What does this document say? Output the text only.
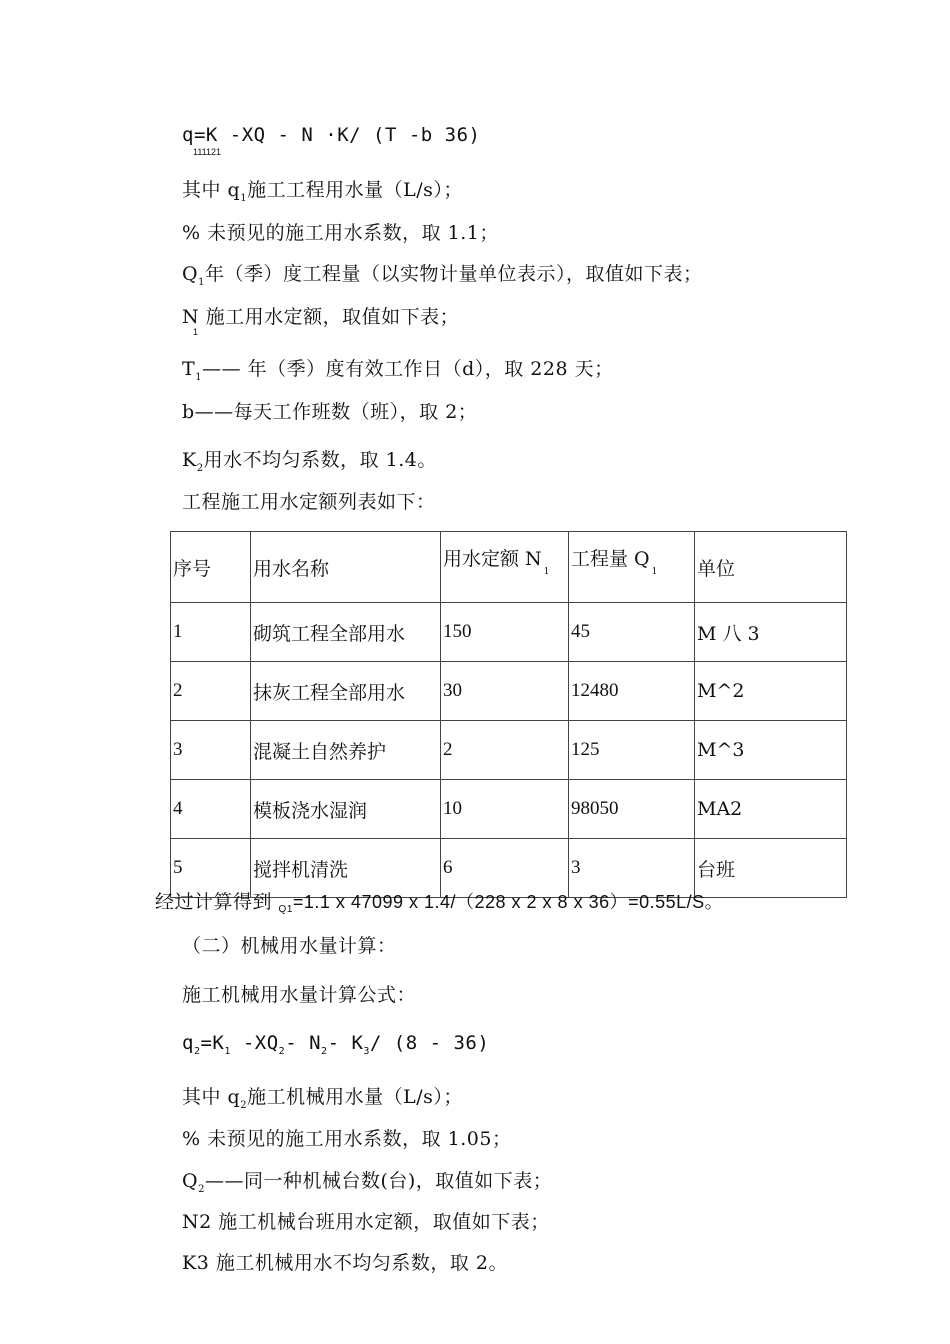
q=K -XQ - N ·K/ (T -b 36)
111121
其中 $q_1$施工工程用水量（L/s）；
% 未预见的施工用水系数，取 1.1；
$Q_1$年（季）度工程量（以实物计量单位表示），取值如下表；
N 施工用水定额，取值如下表；
1
$T_1——$ 年（季）度有效工作日（d），取 228 天；
b——每天工作班数（班），取 2；
$K_2$用水不均匀系数，取 1.4。
工程施工用水定额列表如下：
序号	用水名称	用水定额 $N_1$	工程量 $Q_1$	单位
1	砌筑工程全部用水	150	45	M 八 3
2	抹灰工程全部用水	30	12480	M^2
3	混凝土自然养护	2	125	M^3
4	模板浇水湿润	10	98050	MA2
5	搅拌机清洗	6	3	台班
经过计算得到 $_{Q1}$=1.1 x 47099 x 1.4/（228 x 2 x 8 x 36）=0.55L/S。
（二）机械用水量计算：
施工机械用水量计算公式：
$q_2=K_1$ $-XQ_2-$ $N_2-$ $K_3/$ (8 - 36)
其中 $q_2$施工机械用水量（L/s）；
% 未预见的施工用水系数，取 1.05；
$Q_2——$同一种机械台数(台)，取值如下表；
N2 施工机械台班用水定额，取值如下表；
K3 施工机械用水不均匀系数，取 2。
